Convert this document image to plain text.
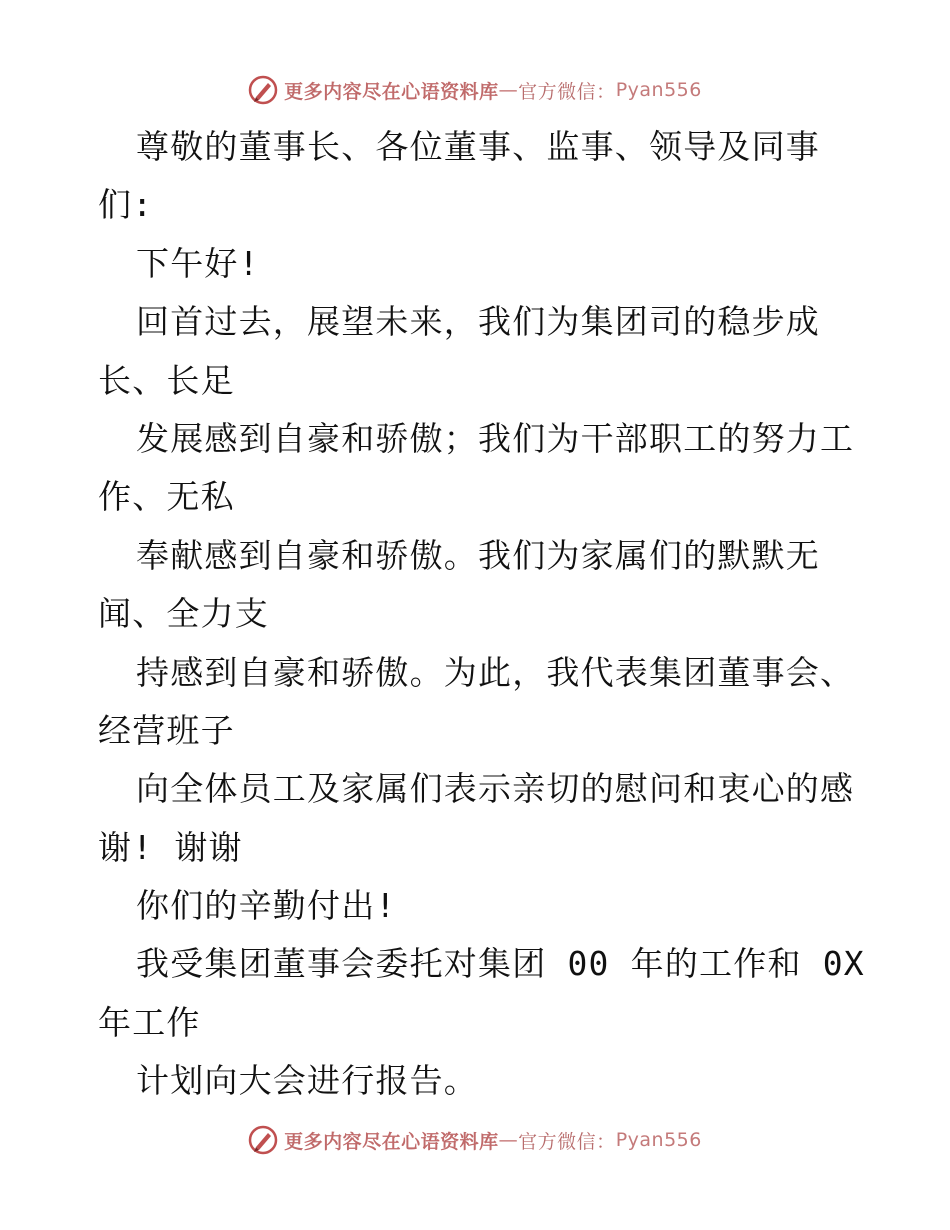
更多内容尽在心语资料库 — 官方微信： Pyan556
尊敬的董事长、各位董事、监事、领导及同事
们:
下午好!
回首过去，展望未来，我们为集团司的稳步成
长、长足
发展感到自豪和骄傲；我们为干部职工的努力工
作、无私
奉献感到自豪和骄傲。我们为家属们的默默无
闻、全力支
持感到自豪和骄傲。为此，我代表集团董事会、
经营班子
向全体员工及家属们表示亲切的慰问和衷心的感
谢! 谢谢
你们的辛勤付出!
我受集团董事会委托对集团 00 年的工作和 0X
年工作
计划向大会进行报告。
更多内容尽在心语资料库 — 官方微信： Pyan556
